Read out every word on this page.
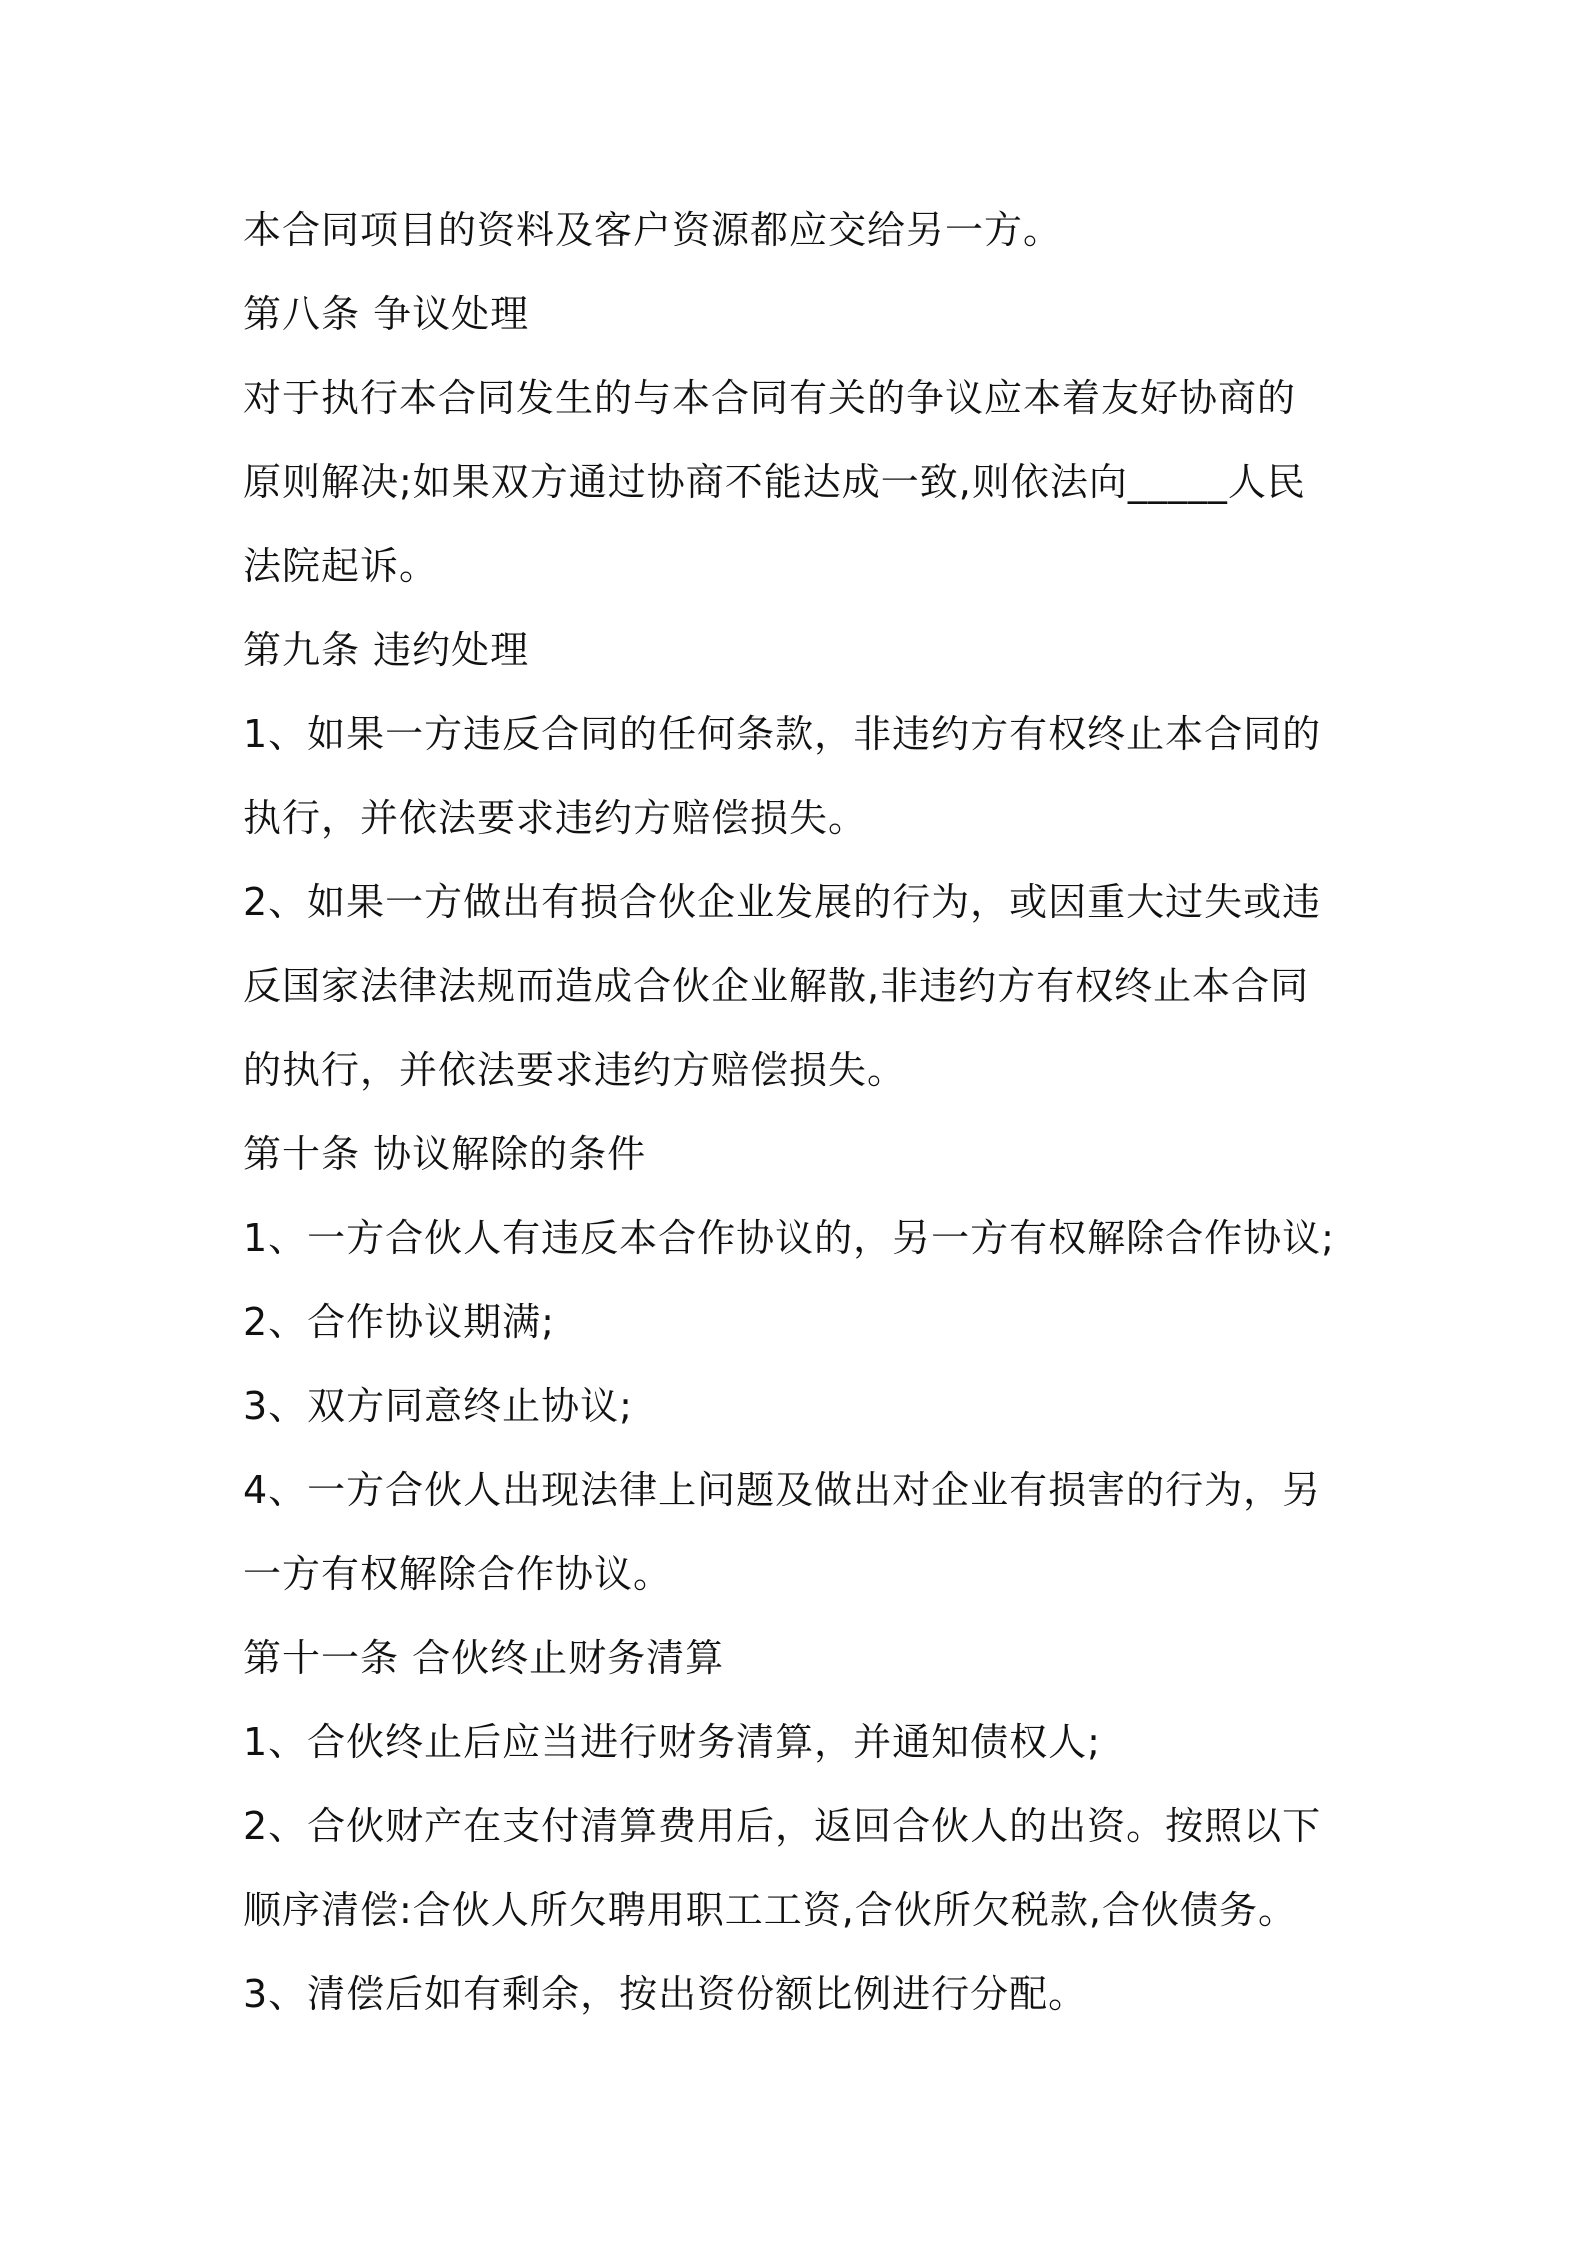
本合同项目的资料及客户资源都应交给另一方。
第八条 争议处理
对于执行本合同发生的与本合同有关的争议应本着友好协商的
原则解决;如果双方通过协商不能达成一致,则依法向_____人民
法院起诉。
第九条 违约处理
1、如果一方违反合同的任何条款，非违约方有权终止本合同的
执行，并依法要求违约方赔偿损失。
2、如果一方做出有损合伙企业发展的行为，或因重大过失或违
反国家法律法规而造成合伙企业解散,非违约方有权终止本合同
的执行，并依法要求违约方赔偿损失。
第十条 协议解除的条件
1、一方合伙人有违反本合作协议的，另一方有权解除合作协议;
2、合作协议期满;
3、双方同意终止协议;
4、一方合伙人出现法律上问题及做出对企业有损害的行为，另
一方有权解除合作协议。
第十一条 合伙终止财务清算
1、合伙终止后应当进行财务清算，并通知债权人;
2、合伙财产在支付清算费用后，返回合伙人的出资。按照以下
顺序清偿:合伙人所欠聘用职工工资,合伙所欠税款,合伙债务。
3、清偿后如有剩余，按出资份额比例进行分配。
